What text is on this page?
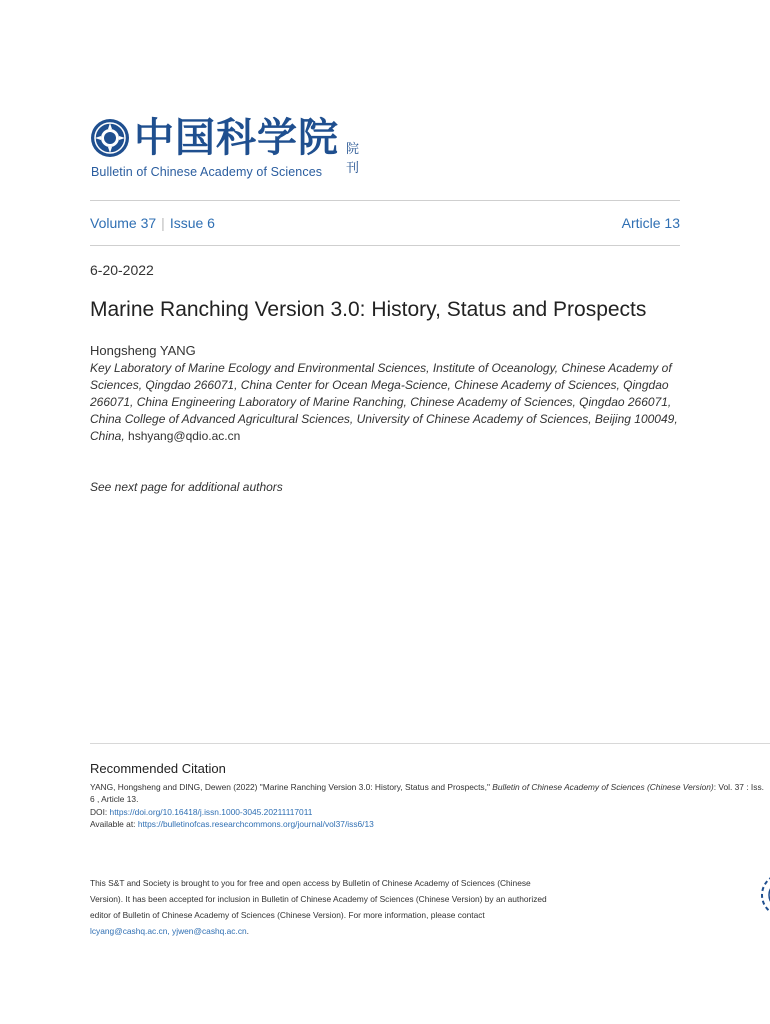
中国科学院 院刊
Bulletin of Chinese Academy of Sciences
Volume 37 | Issue 6	Article 13
6-20-2022
Marine Ranching Version 3.0: History, Status and Prospects
Hongsheng YANG
Key Laboratory of Marine Ecology and Environmental Sciences, Institute of Oceanology, Chinese Academy of Sciences, Qingdao 266071, China Center for Ocean Mega-Science, Chinese Academy of Sciences, Qingdao 266071, China Engineering Laboratory of Marine Ranching, Chinese Academy of Sciences, Qingdao 266071, China College of Advanced Agricultural Sciences, University of Chinese Academy of Sciences, Beijing 100049, China, hshyang@qdio.ac.cn
See next page for additional authors
Recommended Citation
YANG, Hongsheng and DING, Dewen (2022) "Marine Ranching Version 3.0: History, Status and Prospects," Bulletin of Chinese Academy of Sciences (Chinese Version): Vol. 37 : Iss. 6 , Article 13.
DOI: https://doi.org/10.16418/j.issn.1000-3045.20211117011
Available at: https://bulletinofcas.researchcommons.org/journal/vol37/iss6/13
This S&T and Society is brought to you for free and open access by Bulletin of Chinese Academy of Sciences (Chinese Version). It has been accepted for inclusion in Bulletin of Chinese Academy of Sciences (Chinese Version) by an authorized editor of Bulletin of Chinese Academy of Sciences (Chinese Version). For more information, please contact lcyang@cashq.ac.cn, yjwen@cashq.ac.cn.
